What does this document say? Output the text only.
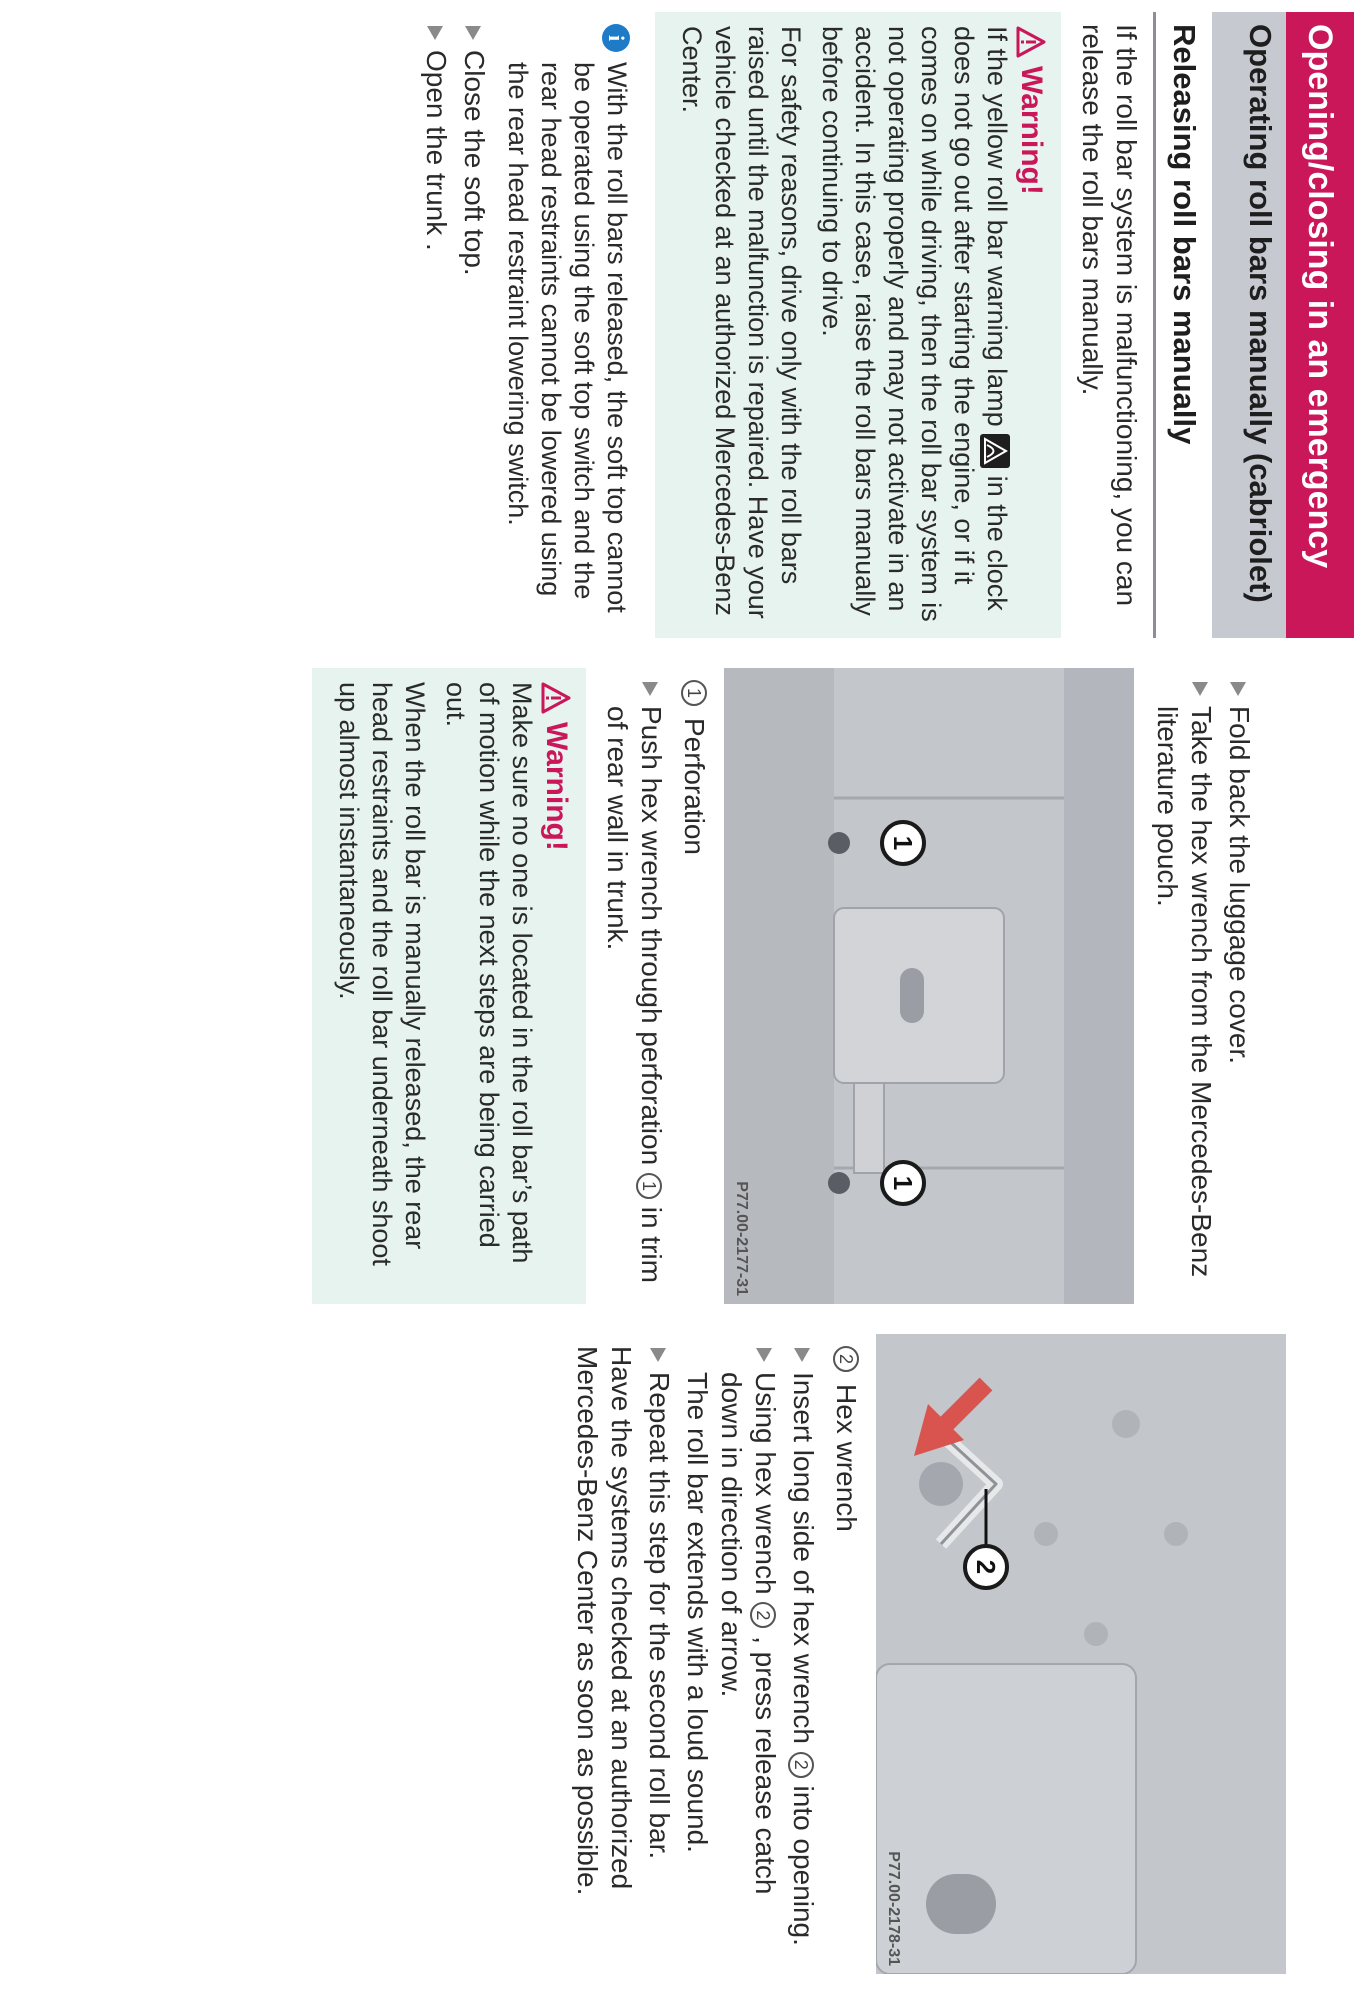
Opening/closing in an emergency
Operating roll bars manually (cabriolet)
Releasing roll bars manually

If the roll bar system is malfunctioning, you can release the roll bars manually.

Warning!

If the yellow roll bar warning lamp  in the clock does not go out after starting the engine, or if it comes on while driving, then the roll bar system is not operating properly and may not activate in an accident. In this case, raise the roll bars manually before continuing to drive.

For safety reasons, drive only with the roll bars raised until the malfunction is repaired. Have your vehicle checked at an authorized Mercedes-Benz Center.

i
With the roll bars released, the soft top cannot be operated using the soft top switch and the rear head restraints cannot be lowered using the rear head restraint lowering switch.
Close the soft top.
Open the trunk .
Fold back the luggage cover.
Take the hex wrench from the Mercedes-Benz literature pouch.
1
1
P77.00-2177-31
1
Perforation
Push hex wrench through perforation 1 in trim of rear wall in trunk.
Warning!

Make sure no one is located in the roll bar’s path of motion while the next steps are being carried out.

When the roll bar is manually released, the rear head restraints and the roll bar underneath shoot up almost instantaneously.

2
P77.00-2178-31
2
Hex wrench
Insert long side of hex wrench 2 into opening.
Using hex wrench 2 , press release catch down in direction of arrow.
The roll bar extends with a loud sound.
Repeat this step for the second roll bar.

Have the systems checked at an authorized Mercedes-Benz Center as soon as possible.
